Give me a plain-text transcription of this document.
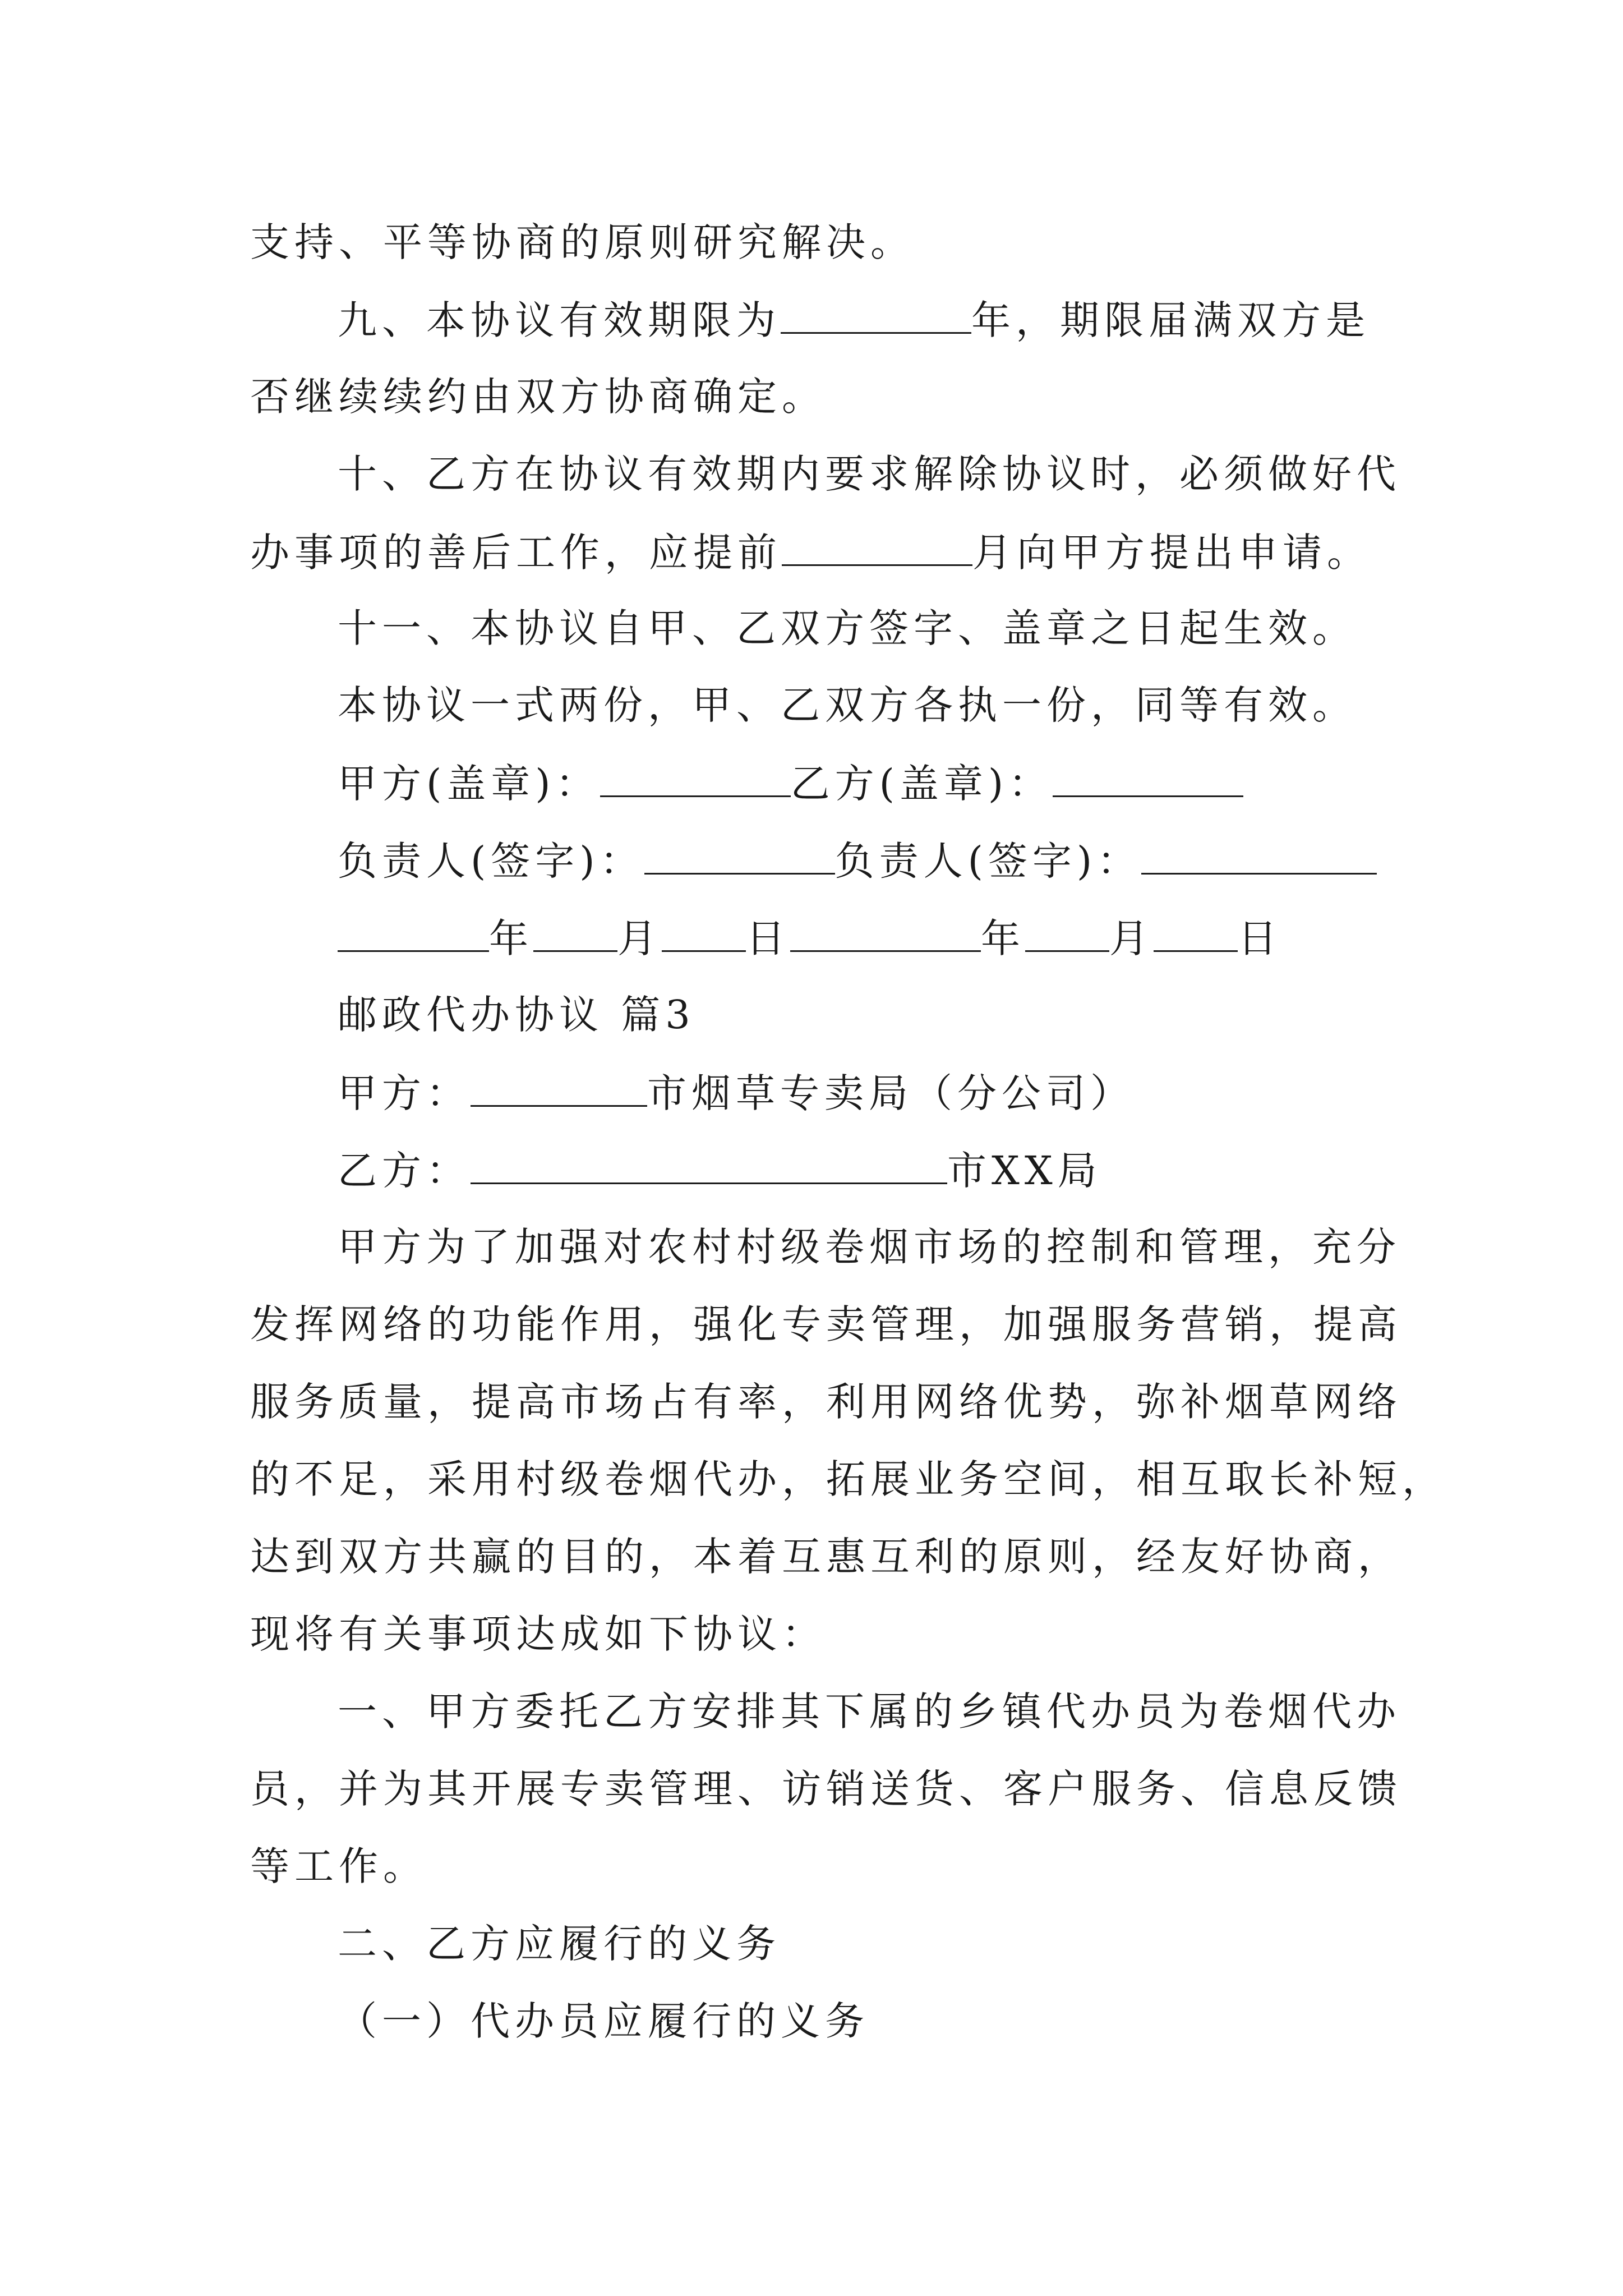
支持、平等协商的原则研究解决。
九、本协议有效期限为	年，期限届满双方是
否继续续约由双方协商确定。
十、乙方在协议有效期内要求解除协议时，必须做好代
办事项的善后工作，应提前	月向甲方提出申请。
十一、本协议自甲、乙双方签字、盖章之日起生效。
本协议一式两份，甲、乙双方各执一份，同等有效。
甲方(盖章)：	乙方(盖章)：
负责人(签字)：	负责人(签字)：
年 月 日	年 月 日
邮政代办协议 篇3
甲方：	市烟草专卖局（分公司）
乙方：	市XX局
甲方为了加强对农村村级卷烟市场的控制和管理，充分
发挥网络的功能作用，强化专卖管理，加强服务营销，提高
服务质量，提高市场占有率，利用网络优势，弥补烟草网络
的不足，采用村级卷烟代办，拓展业务空间，相互取长补短，
达到双方共赢的目的，本着互惠互利的原则，经友好协商，
现将有关事项达成如下协议：
一、甲方委托乙方安排其下属的乡镇代办员为卷烟代办
员，并为其开展专卖管理、访销送货、客户服务、信息反馈
等工作。
二、乙方应履行的义务
（一）代办员应履行的义务
